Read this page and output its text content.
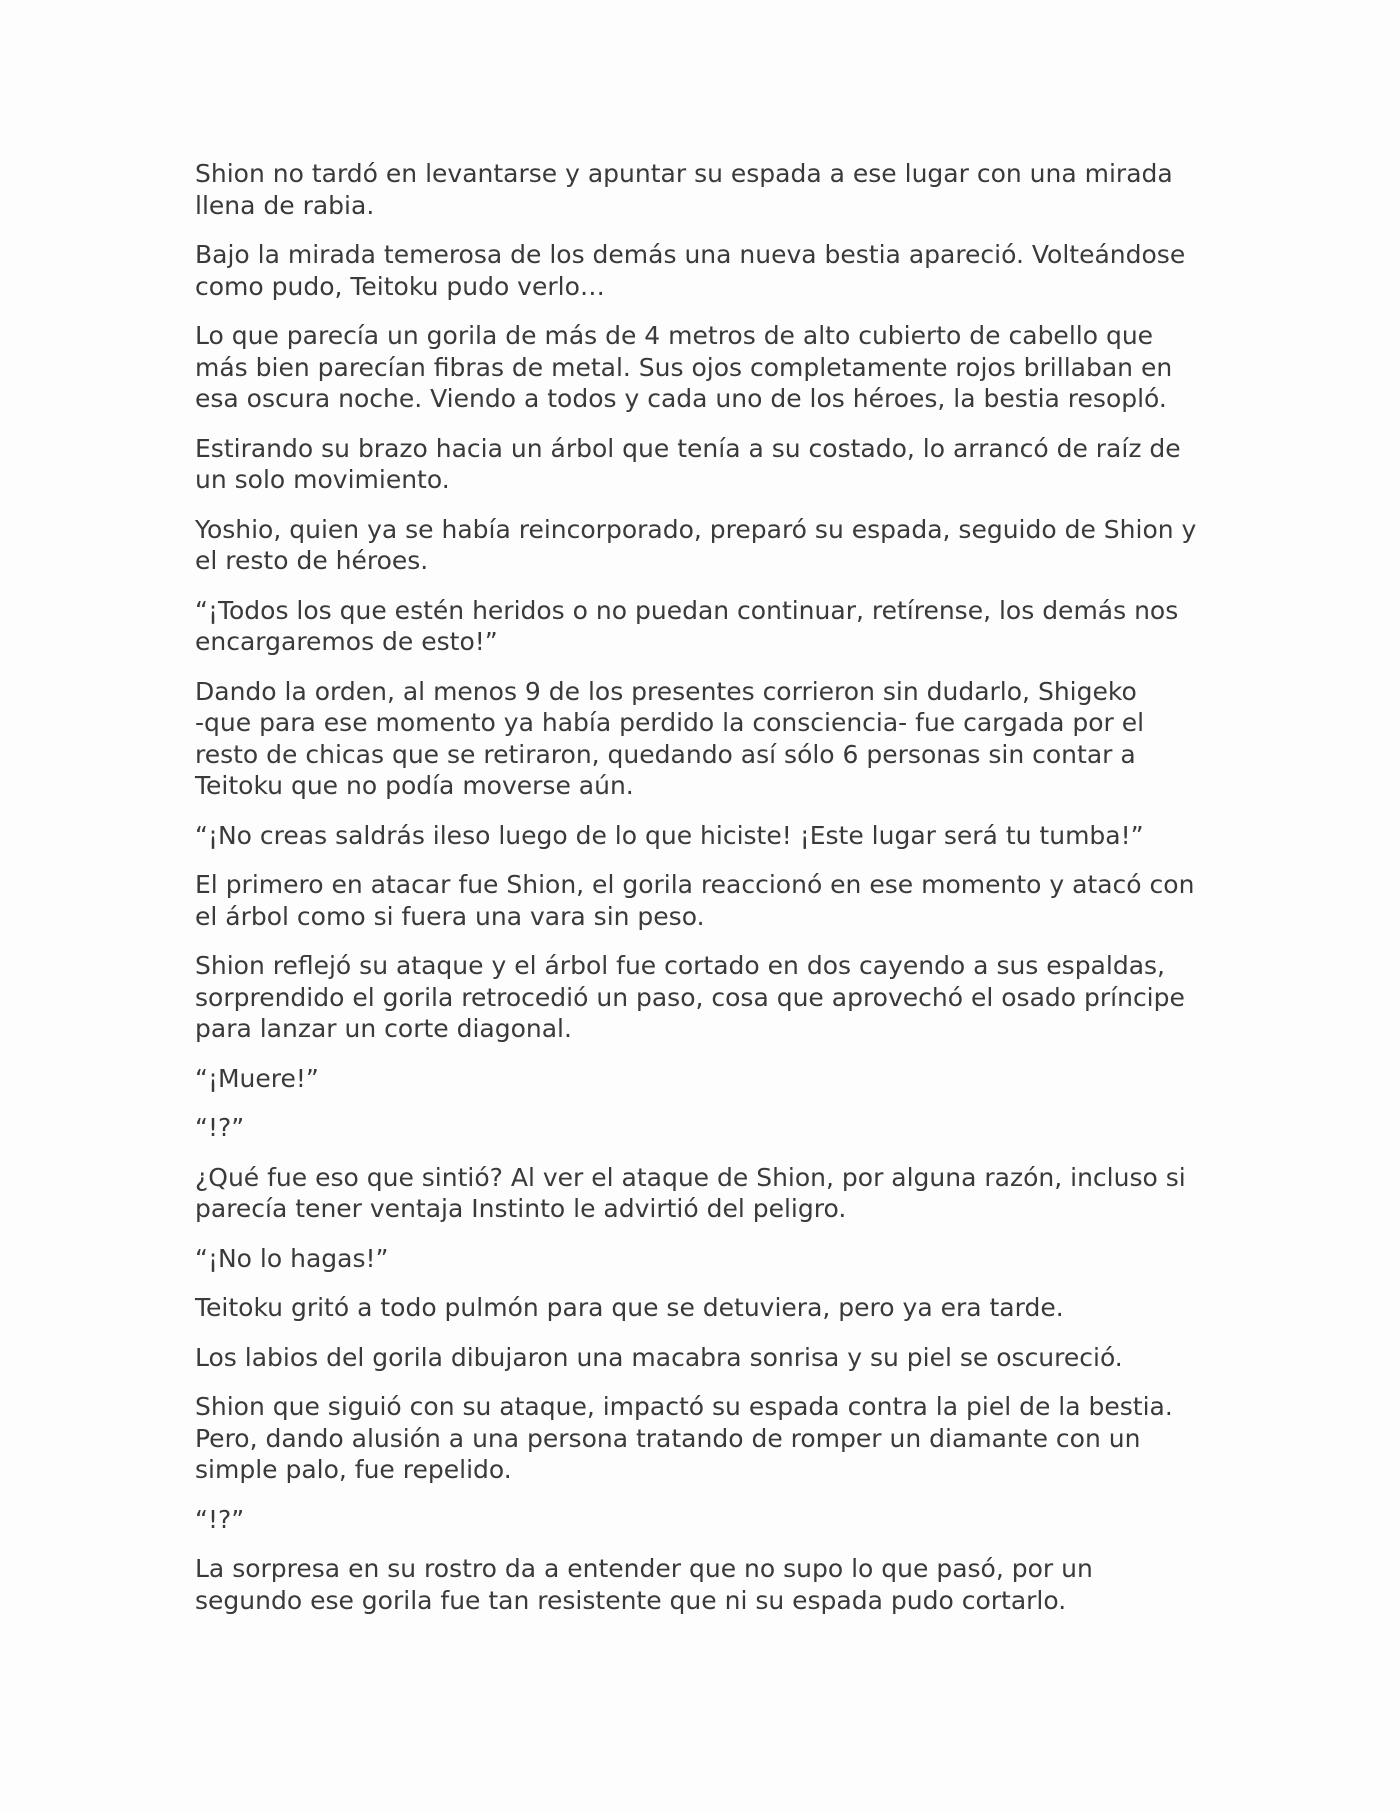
Shion no tardó en levantarse y apuntar su espada a ese lugar con una mirada
llena de rabia.

Bajo la mirada temerosa de los demás una nueva bestia apareció. Volteándose
como pudo, Teitoku pudo verlo…

Lo que parecía un gorila de más de 4 metros de alto cubierto de cabello que
más bien parecían fibras de metal. Sus ojos completamente rojos brillaban en
esa oscura noche. Viendo a todos y cada uno de los héroes, la bestia resopló.

Estirando su brazo hacia un árbol que tenía a su costado, lo arrancó de raíz de
un solo movimiento.

Yoshio, quien ya se había reincorporado, preparó su espada, seguido de Shion y
el resto de héroes.

“¡Todos los que estén heridos o no puedan continuar, retírense, los demás nos
encargaremos de esto!”

Dando la orden, al menos 9 de los presentes corrieron sin dudarlo, Shigeko
-que para ese momento ya había perdido la consciencia- fue cargada por el
resto de chicas que se retiraron, quedando así sólo 6 personas sin contar a
Teitoku que no podía moverse aún.

“¡No creas saldrás ileso luego de lo que hiciste! ¡Este lugar será tu tumba!”

El primero en atacar fue Shion, el gorila reaccionó en ese momento y atacó con
el árbol como si fuera una vara sin peso.

Shion reflejó su ataque y el árbol fue cortado en dos cayendo a sus espaldas,
sorprendido el gorila retrocedió un paso, cosa que aprovechó el osado príncipe
para lanzar un corte diagonal.

“¡Muere!”

“!?”

¿Qué fue eso que sintió? Al ver el ataque de Shion, por alguna razón, incluso si
parecía tener ventaja Instinto le advirtió del peligro.

“¡No lo hagas!”

Teitoku gritó a todo pulmón para que se detuviera, pero ya era tarde.

Los labios del gorila dibujaron una macabra sonrisa y su piel se oscureció.

Shion que siguió con su ataque, impactó su espada contra la piel de la bestia.
Pero, dando alusión a una persona tratando de romper un diamante con un
simple palo, fue repelido.

“!?”

La sorpresa en su rostro da a entender que no supo lo que pasó, por un
segundo ese gorila fue tan resistente que ni su espada pudo cortarlo.
